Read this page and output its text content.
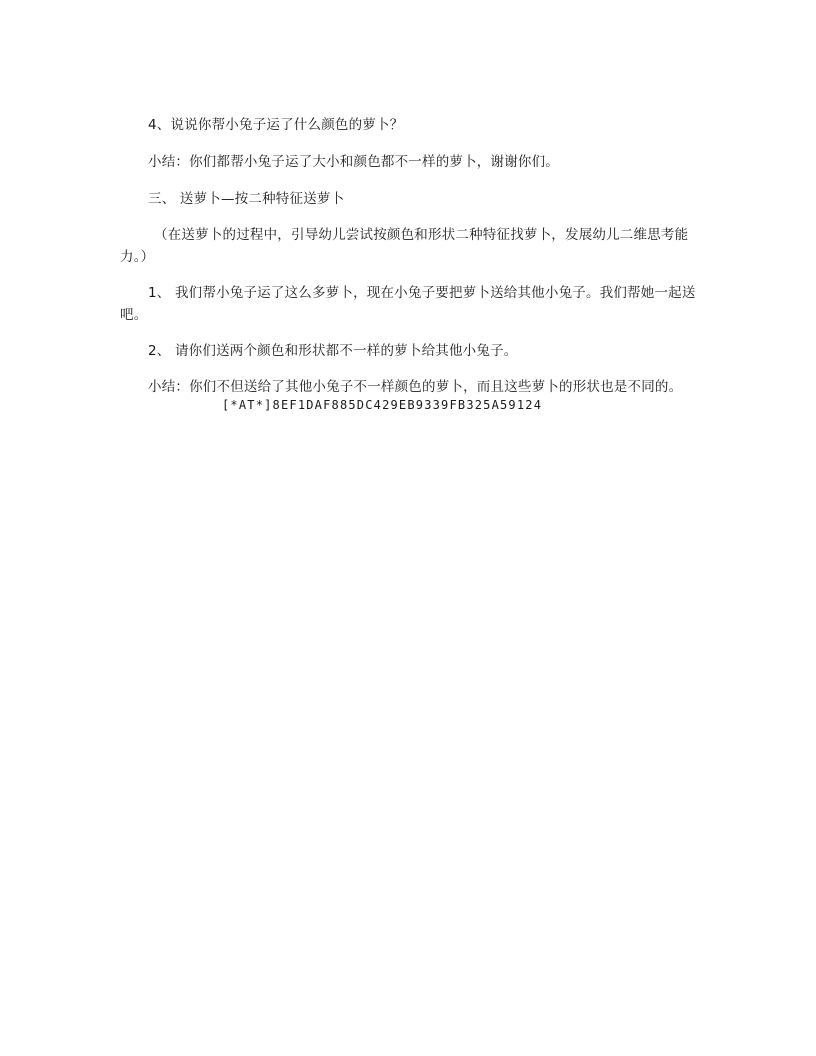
4、说说你帮小兔子运了什么颜色的萝卜？

小结：你们都帮小兔子运了大小和颜色都不一样的萝卜，谢谢你们。

三、 送萝卜—按二种特征送萝卜

（在送萝卜的过程中，引导幼儿尝试按颜色和形状二种特征找萝卜，发展幼儿二维思考能力。）

1、 我们帮小兔子运了这么多萝卜，现在小兔子要把萝卜送给其他小兔子。我们帮她一起送吧。

2、 请你们送两个颜色和形状都不一样的萝卜给其他小兔子。

小结：你们不但送给了其他小兔子不一样颜色的萝卜，而且这些萝卜的形状也是不同的。

[*AT*]8EF1DAF885DC429EB9339FB325A59124
